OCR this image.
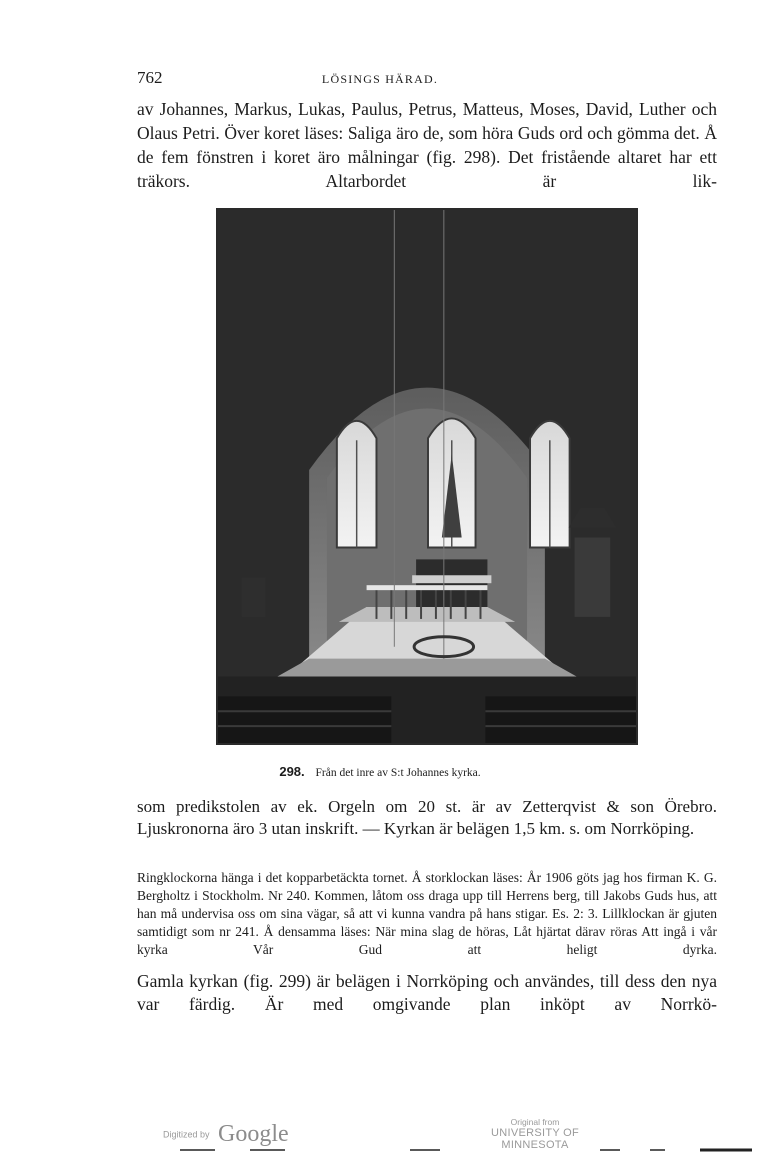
762	LÖSINGS HÄRAD.

av Johannes, Markus, Lukas, Paulus, Petrus, Matteus, Moses, David, Luther och Olaus Petri. Över koret läses: Saliga äro de, som höra Guds ord och gömma det. Å de fem fönstren i koret äro målningar (fig. 298). Det fristående altaret har ett träkors. Altarbordet är lik-

298. Från det inre av S:t Johannes kyrka.

som predikstolen av ek. Orgeln om 20 st. är av Zetterqvist & son Örebro. Ljuskronorna äro 3 utan inskrift. — Kyrkan är belägen 1,5 km. s. om Norrköping.

Ringklockorna hänga i det kopparbetäckta tornet. Å storklockan läses: År 1906 göts jag hos firman K. G. Bergholtz i Stockholm. Nr 240. Kommen, låtom oss draga upp till Herrens berg, till Jakobs Guds hus, att han må undervisa oss om sina vägar, så att vi kunna vandra på hans stigar. Es. 2: 3. Lillklockan är gjuten samtidigt som nr 241. Å densamma läses: När mina slag de höras, Låt hjärtat därav röras Att ingå i vår kyrka Vår Gud att heligt dyrka.

Gamla kyrkan (fig. 299) är belägen i Norrköping och användes, till dess den nya var färdig. Är med omgivande plan inköpt av Norrkö-

Digitized by Google	Original from
UNIVERSITY OF MINNESOTA
